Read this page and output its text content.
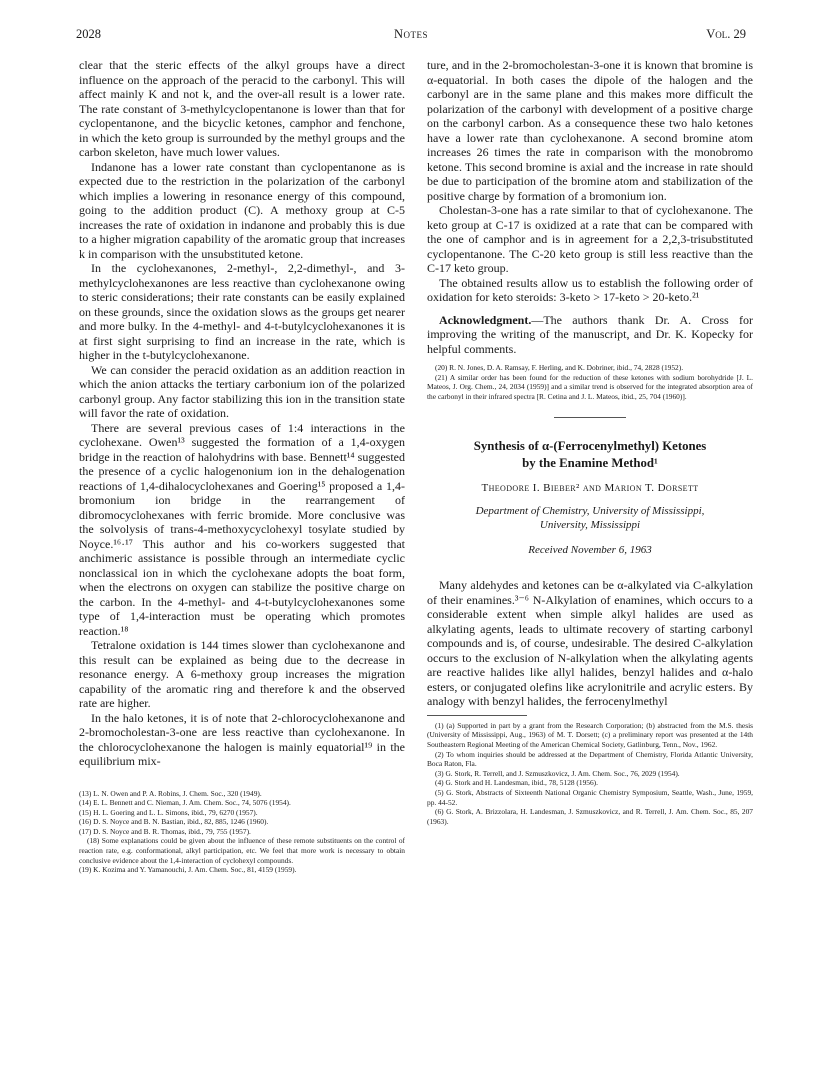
2028	Notes	Vol. 29

clear that the steric effects of the alkyl groups have a direct influence on the approach of the peracid to the carbonyl. This will affect mainly K and not k, and the over-all result is a lower rate. The rate constant of 3-methylcyclopentanone is lower than that for cyclopentanone, and the bicyclic ketones, camphor and fenchone, in which the keto group is surrounded by the methyl groups and the carbon skeleton, have much lower values.

Indanone has a lower rate constant than cyclopentanone as is expected due to the restriction in the polarization of the carbonyl which implies a lowering in resonance energy of this compound, going to the addition product (C). A methoxy group at C-5 increases the rate of oxidation in indanone and probably this is due to a higher migration capability of the aromatic group that increases k in comparison with the unsubstituted ketone.

In the cyclohexanones, 2-methyl-, 2,2-dimethyl-, and 3-methylcyclohexanones are less reactive than cyclohexanone owing to steric considerations; their rate constants can be easily explained on these grounds, since the oxidation slows as the groups get nearer and more bulky. In the 4-methyl- and 4-t-butylcyclohexanones it is at first sight surprising to find an increase in the rate, which is higher in the t-butylcyclohexanone.

We can consider the peracid oxidation as an addition reaction in which the anion attacks the tertiary carbonium ion of the polarized carbonyl group. Any factor stabilizing this ion in the transition state will favor the rate of oxidation.

There are several previous cases of 1:4 interactions in the cyclohexane. Owen¹³ suggested the formation of a 1,4-oxygen bridge in the reaction of halohydrins with base. Bennett¹⁴ suggested the presence of a cyclic halogenonium ion in the dehalogenation reactions of 1,4-dihalocyclohexanes and Goering¹⁵ proposed a 1,4-bromonium ion bridge in the rearrangement of dibromocyclohexanes with ferric bromide. More conclusive was the solvolysis of trans-4-methoxycyclohexyl tosylate studied by Noyce.¹⁶·¹⁷ This author and his co-workers suggested that anchimeric assistance is possible through an intermediate cyclic nonclassical ion in which the cyclohexane adopts the boat form, when the electrons on oxygen can stabilize the positive charge on the carbon. In the 4-methyl- and 4-t-butylcyclohexanones some type of 1,4-interaction must be operating which promotes reaction.¹⁸

Tetralone oxidation is 144 times slower than cyclohexanone and this result can be explained as being due to the decrease in resonance energy. A 6-methoxy group increases the migration capability of the aromatic ring and therefore k and the observed rate are higher.

In the halo ketones, it is of note that 2-chlorocyclohexanone and 2-bromocholestan-3-one are less reactive than cyclohexanone. In the chlorocyclohexanone the halogen is mainly equatorial¹⁹ in the equilibrium mix-

(13) L. N. Owen and P. A. Robins, J. Chem. Soc., 320 (1949).

(14) E. L. Bennett and C. Nieman, J. Am. Chem. Soc., 74, 5076 (1954).

(15) H. L. Goering and L. L. Simons, ibid., 79, 6270 (1957).

(16) D. S. Noyce and B. N. Bastian, ibid., 82, 885, 1246 (1960).

(17) D. S. Noyce and B. R. Thomas, ibid., 79, 755 (1957).

(18) Some explanations could be given about the influence of these remote substituents on the control of reaction rate, e.g. conformational, alkyl participation, etc. We feel that more work is necessary to obtain conclusive evidence about the 1,4-interaction of cyclohexyl compounds.

(19) K. Kozima and Y. Yamanouchi, J. Am. Chem. Soc., 81, 4159 (1959).

ture, and in the 2-bromocholestan-3-one it is known that bromine is α-equatorial. In both cases the dipole of the halogen and the carbonyl are in the same plane and this makes more difficult the polarization of the carbonyl with development of a positive charge on the carbonyl carbon. As a consequence these two halo ketones have a lower rate than cyclohexanone. A second bromine atom increases 26 times the rate in comparison with the monobromo ketone. This second bromine is axial and the increase in rate should be due to participation of the bromine atom and stabilization of the positive charge by formation of a bromonium ion.

Cholestan-3-one has a rate similar to that of cyclohexanone. The keto group at C-17 is oxidized at a rate that can be compared with the one of camphor and is in agreement for a 2,2,3-trisubstituted cyclopentanone. The C-20 keto group is still less reactive than the C-17 keto group.

The obtained results allow us to establish the following order of oxidation for keto steroids: 3-keto > 17-keto > 20-keto.²¹

Acknowledgment.—The authors thank Dr. A. Cross for improving the writing of the manuscript, and Dr. K. Kopecky for helpful comments.

(20) R. N. Jones, D. A. Ramsay, F. Herling, and K. Dobriner, ibid., 74, 2828 (1952).

(21) A similar order has been found for the reduction of these ketones with sodium borohydride [J. L. Mateos, J. Org. Chem., 24, 2034 (1959)] and a similar trend is observed for the integrated absorption area of the carbonyl in their infrared spectra [R. Cetina and J. L. Mateos, ibid., 25, 704 (1960)].

Synthesis of α-(Ferrocenylmethyl) Ketones

by the Enamine Method¹

Theodore I. Bieber² and Marion T. Dorsett

Department of Chemistry, University of Mississippi,

University, Mississippi

Received November 6, 1963

Many aldehydes and ketones can be α-alkylated via C-alkylation of their enamines.³⁻⁶ N-Alkylation of enamines, which occurs to a considerable extent when simple alkyl halides are used as alkylating agents, leads to ultimate recovery of starting carbonyl compounds and is, of course, undesirable. The desired C-alkylation occurs to the exclusion of N-alkylation when the alkylating agents are reactive halides like allyl halides, benzyl halides and α-halo esters, or conjugated olefins like acrylonitrile and acrylic esters. By analogy with benzyl halides, the ferrocenylmethyl

(1) (a) Supported in part by a grant from the Research Corporation; (b) abstracted from the M.S. thesis (University of Mississippi, Aug., 1963) of M. T. Dorsett; (c) a preliminary report was presented at the 14th Southeastern Regional Meeting of the American Chemical Society, Gatlinburg, Tenn., Nov., 1962.

(2) To whom inquiries should be addressed at the Department of Chemistry, Florida Atlantic University, Boca Raton, Fla.

(3) G. Stork, R. Terrell, and J. Szmuszkovicz, J. Am. Chem. Soc., 76, 2029 (1954).

(4) G. Stork and H. Landesman, ibid., 78, 5128 (1956).

(5) G. Stork, Abstracts of Sixteenth National Organic Chemistry Symposium, Seattle, Wash., June, 1959, pp. 44-52.

(6) G. Stork, A. Brizzolara, H. Landesman, J. Szmuszkovicz, and R. Terrell, J. Am. Chem. Soc., 85, 207 (1963).
